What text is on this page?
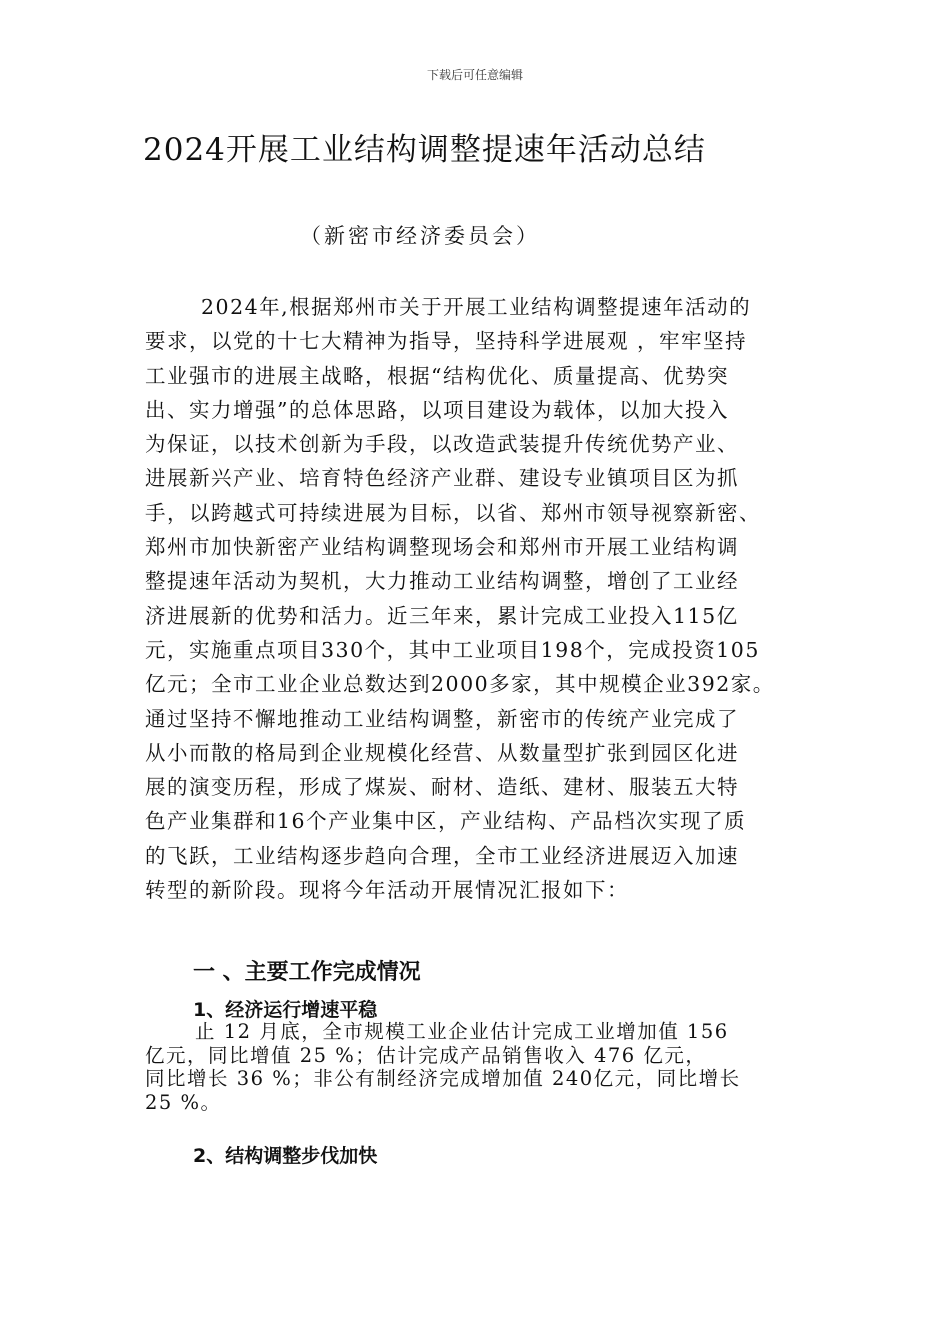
下载后可任意编辑
2024开展工业结构调整提速年活动总结
（新密市经济委员会）
2024年,根据郑州市关于开展工业结构调整提速年活动的
要求，以党的十七大精神为指导，坚持科学进展观 ，牢牢坚持
工业强市的进展主战略，根据“结构优化、质量提高、优势突
出、实力增强”的总体思路，以项目建设为载体，以加大投入
为保证，以技术创新为手段，以改造武装提升传统优势产业、
进展新兴产业、培育特色经济产业群、建设专业镇项目区为抓
手，以跨越式可持续进展为目标，以省、郑州市领导视察新密、
郑州市加快新密产业结构调整现场会和郑州市开展工业结构调
整提速年活动为契机，大力推动工业结构调整，增创了工业经
济进展新的优势和活力。近三年来，累计完成工业投入115亿
元，实施重点项目330个，其中工业项目198个，完成投资105
亿元；全市工业企业总数达到2000多家，其中规模企业392家。
通过坚持不懈地推动工业结构调整，新密市的传统产业完成了
从小而散的格局到企业规模化经营、从数量型扩张到园区化进
展的演变历程，形成了煤炭、耐材、造纸、建材、服装五大特
色产业集群和16个产业集中区，产业结构、产品档次实现了质
的飞跃，工业结构逐步趋向合理，全市工业经济进展迈入加速
转型的新阶段。现将今年活动开展情况汇报如下：
一 、主要工作完成情况
1、经济运行增速平稳
止 12 月底，全市规模工业企业估计完成工业增加值 156
亿元，同比增值 25 %；估计完成产品销售收入 476 亿元，
同比增长 36 %；非公有制经济完成增加值 240亿元，同比增长
25 %。
2、结构调整步伐加快
